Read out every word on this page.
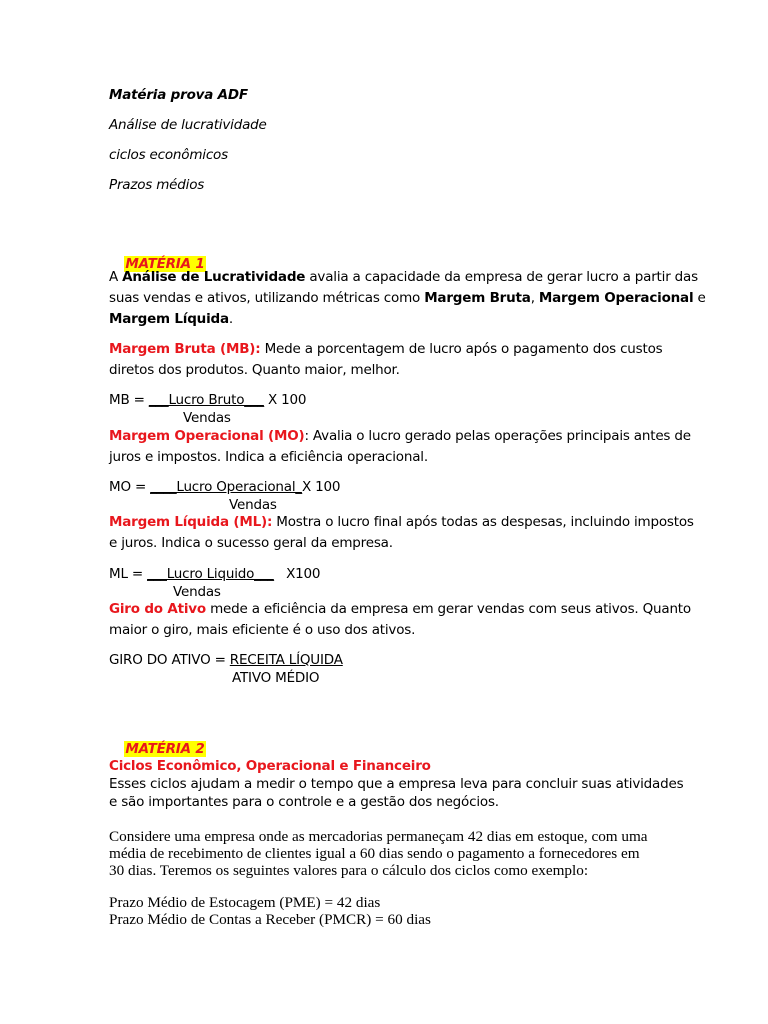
Matéria prova ADF
Análise de lucratividade
ciclos econômicos
Prazos médios

MATÉRIA 1

A Análise de Lucratividade avalia a capacidade da empresa de gerar lucro a partir das
suas vendas e ativos, utilizando métricas como Margem Bruta, Margem Operacional e
Margem Líquida.
Margem Bruta (MB): Mede a porcentagem de lucro após o pagamento dos custos
diretos dos produtos. Quanto maior, melhor.
MB = ___Lucro Bruto___ X 100
Vendas
Margem Operacional (MO): Avalia o lucro gerado pelas operações principais antes de
juros e impostos. Indica a eficiência operacional.
MO = ____Lucro Operacional_X 100
Vendas
Margem Líquida (ML): Mostra o lucro final após todas as despesas, incluindo impostos
e juros. Indica o sucesso geral da empresa.
ML = ___Lucro Liquido___   X100
Vendas
Giro do Ativo mede a eficiência da empresa em gerar vendas com seus ativos. Quanto
maior o giro, mais eficiente é o uso dos ativos.
GIRO DO ATIVO = RECEITA LÍQUIDA
ATIVO MÉDIO

MATÉRIA 2

Ciclos Econômico, Operacional e Financeiro
Esses ciclos ajudam a medir o tempo que a empresa leva para concluir suas atividades
e são importantes para o controle e a gestão dos negócios.
Considere uma empresa onde as mercadorias permaneçam 42 dias em estoque, com uma
média de recebimento de clientes igual a 60 dias sendo o pagamento a fornecedores em
30 dias. Teremos os seguintes valores para o cálculo dos ciclos como exemplo:
Prazo Médio de Estocagem (PME) = 42 dias
Prazo Médio de Contas a Receber (PMCR) = 60 dias
